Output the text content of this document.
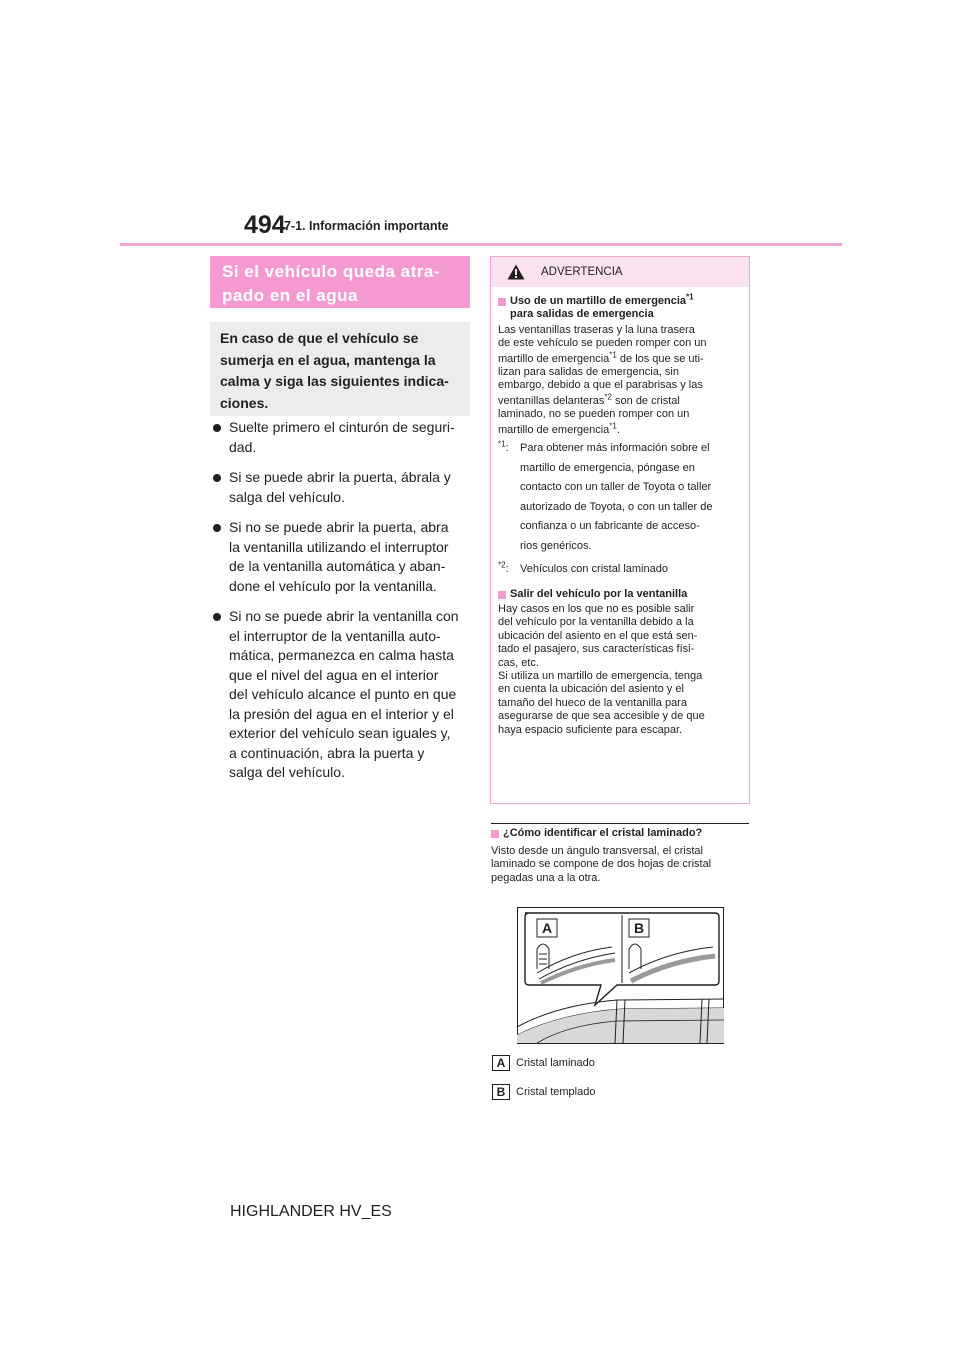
494
7-1. Información importante
Si el vehículo queda atra-
pado en el agua
En caso de que el vehículo se
sumerja en el agua, mantenga la
calma y siga las siguientes indica-
ciones.
Suelte primero el cinturón de seguri-
dad.
Si se puede abrir la puerta, ábrala y
salga del vehículo.
Si no se puede abrir la puerta, abra
la ventanilla utilizando el interruptor
de la ventanilla automática y aban-
done el vehículo por la ventanilla.
Si no se puede abrir la ventanilla con
el interruptor de la ventanilla auto-
mática, permanezca en calma hasta
que el nivel del agua en el interior
del vehículo alcance el punto en que
la presión del agua en el interior y el
exterior del vehículo sean iguales y,
a continuación, abra la puerta y
salga del vehículo.
ADVERTENCIA
Uso de un martillo de emergencia$^{*1}$
para salidas de emergencia
Las ventanillas traseras y la luna trasera
de este vehículo se pueden romper con un
martillo de emergencia$^{*1}$ de los que se uti-
lizan para salidas de emergencia, sin
embargo, debido a que el parabrisas y las
ventanillas delanteras$^{*2}$ son de cristal
laminado, no se pueden romper con un
martillo de emergencia$^{*1}$.
$^{*1}$: Para obtener más información sobre el
martillo de emergencia, póngase en
contacto con un taller de Toyota o taller
autorizado de Toyota, o con un taller de
confianza o un fabricante de acceso-
rios genéricos.
$^{*2}$: Vehículos con cristal laminado
Salir del vehículo por la ventanilla
Hay casos en los que no es posible salir
del vehículo por la ventanilla debido a la
ubicación del asiento en el que está sen-
tado el pasajero, sus características físi-
cas, etc.
Si utiliza un martillo de emergencia, tenga
en cuenta la ubicación del asiento y el
tamaño del hueco de la ventanilla para
asegurarse de que sea accesible y de que
haya espacio suficiente para escapar.
¿Cómo identificar el cristal laminado?
Visto desde un ángulo transversal, el cristal
laminado se compone de dos hojas de cristal
pegadas una a la otra.
A	B
A Cristal laminado
B Cristal templado
HIGHLANDER HV_ES
